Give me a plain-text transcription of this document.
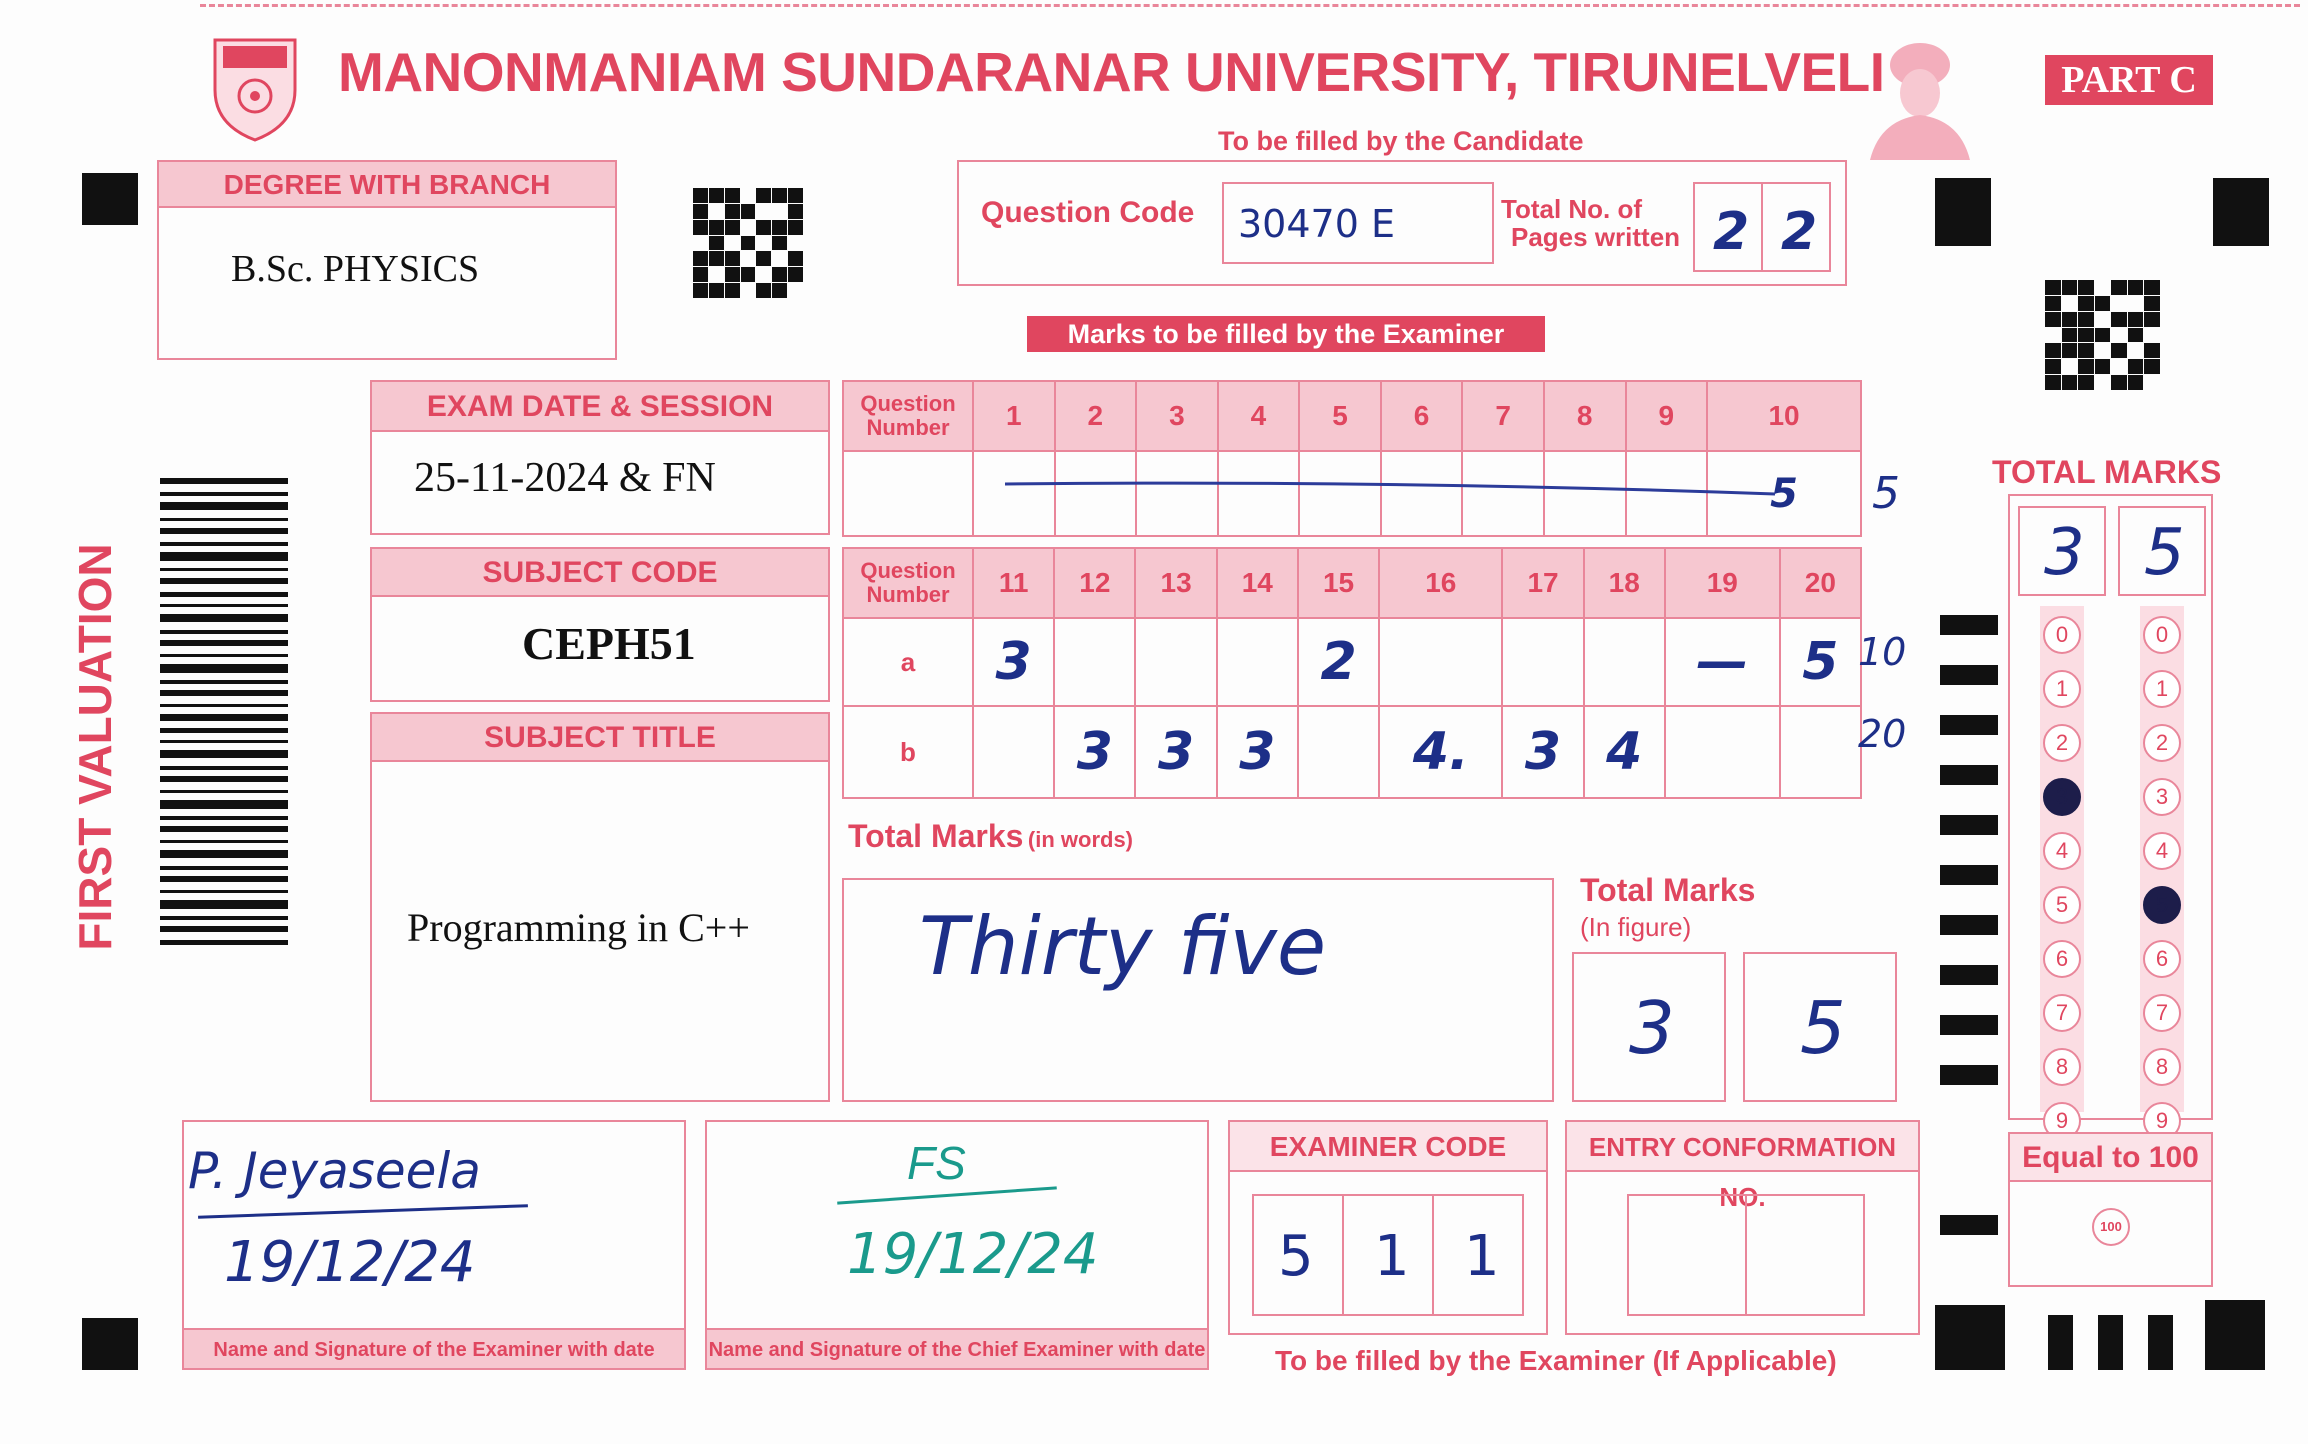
MANONMANIAM SUNDARANAR UNIVERSITY, TIRUNELVELI	PART C
To be filled by the Candidate
DEGREE WITH BRANCH
B.Sc. PHYSICS
Question Code 30470 E	Total No. of
Pages written 2 2
Marks to be filled by the Examiner
EXAM DATE & SESSION
25-11-2024 & FN
SUBJECT CODE
CEPH51
SUBJECT TITLE
Programming in C++
FIRST VALUATION
Question Number	1	2	3	4	5	6	7	8	9	10
										5 5
Question Number	11	12	13	14	15	16	17	18	19	20
a	3				2				—	5
b		3	3	3		4.	3	4		
10
20
Total Marks (in words)
Thirty five
Total Marks
(In figure)
3 5
TOTAL MARKS
3 5
0
1
2
3
4
5
6
7
8
9
0
1
2
3
4
5
6
7
8
9
Equal to 100
100
P. Jeyaseela
19/12/24
Name and Signature of the Examiner with date
FS
19/12/24
Name and Signature of the Chief Examiner with date
EXAMINER CODE
5 1 1
ENTRY CONFORMATION NO.
To be filled by the Examiner (If Applicable)
